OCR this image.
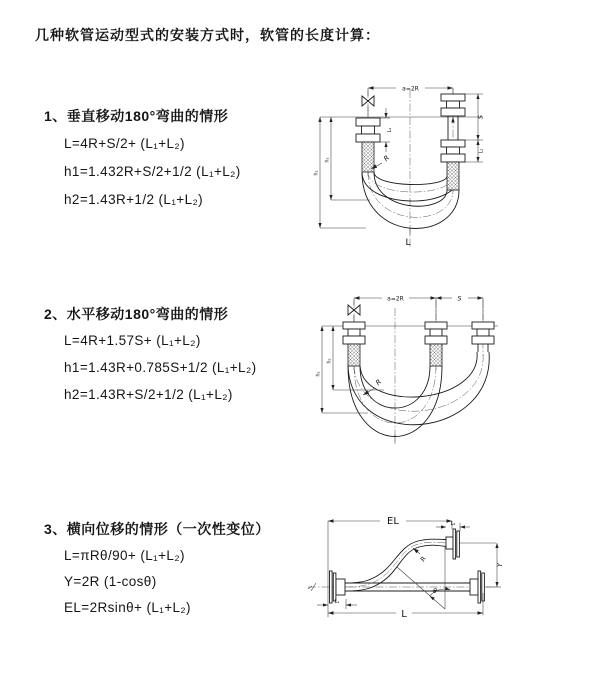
几种软管运动型式的安装方式时，软管的长度计算：
1、垂直移动180°弯曲的情形
L=4R+S/2+ (L₁+L₂)
h1=1.432R+S/2+1/2 (L₁+L₂)
h2=1.43R+1/2 (L₁+L₂)
2、水平移动180°弯曲的情形
L=4R+1.57S+ (L₁+L₂)
h1=1.43R+0.785S+1/2 (L₁+L₂)
h2=1.43R+S/2+1/2 (L₁+L₂)
3、横向位移的情形（一次性变位）
L=πRθ/90+ (L₁+L₂)
Y=2R (1-cosθ)
EL=2Rsinθ+ (L₁+L₂)
a=2R
L₁
S
L₂
h₁
h₂	R
L
a=2R	S
h₁
h₂
R
EL	L₂
Y
θ
R
L₁
L
